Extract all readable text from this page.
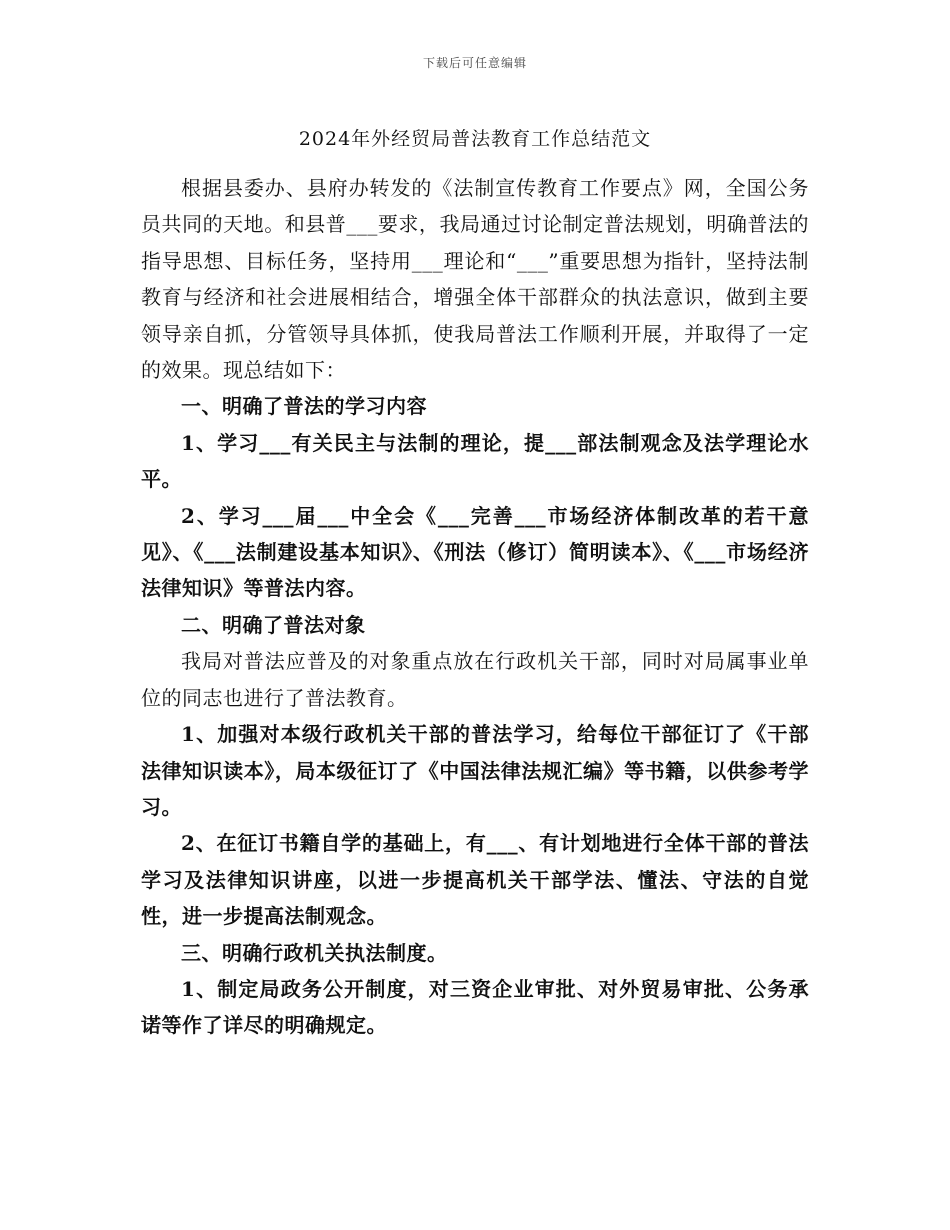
下载后可任意编辑
2024年外经贸局普法教育工作总结范文

根据县委办、县府办转发的《法制宣传教育工作要点》网，全国公务员共同的天地。和县普___要求，我局通过讨论制定普法规划，明确普法的指导思想、目标任务，坚持用___理论和“___”重要思想为指针，坚持法制教育与经济和社会进展相结合，增强全体干部群众的执法意识，做到主要领导亲自抓，分管领导具体抓，使我局普法工作顺利开展，并取得了一定的效果。现总结如下：

一、明确了普法的学习内容

1、学习___有关民主与法制的理论，提___部法制观念及法学理论水平。

2、学习___届___中全会《___完善___市场经济体制改革的若干意见》、《___法制建设基本知识》、《刑法（修订）简明读本》、《___市场经济法律知识》等普法内容。

二、明确了普法对象

我局对普法应普及的对象重点放在行政机关干部，同时对局属事业单位的同志也进行了普法教育。

1、加强对本级行政机关干部的普法学习，给每位干部征订了《干部法律知识读本》，局本级征订了《中国法律法规汇编》等书籍，以供参考学习。

2、在征订书籍自学的基础上，有___、有计划地进行全体干部的普法学习及法律知识讲座，以进一步提高机关干部学法、懂法、守法的自觉性，进一步提高法制观念。

三、明确行政机关执法制度。

1、制定局政务公开制度，对三资企业审批、对外贸易审批、公务承诺等作了详尽的明确规定。
